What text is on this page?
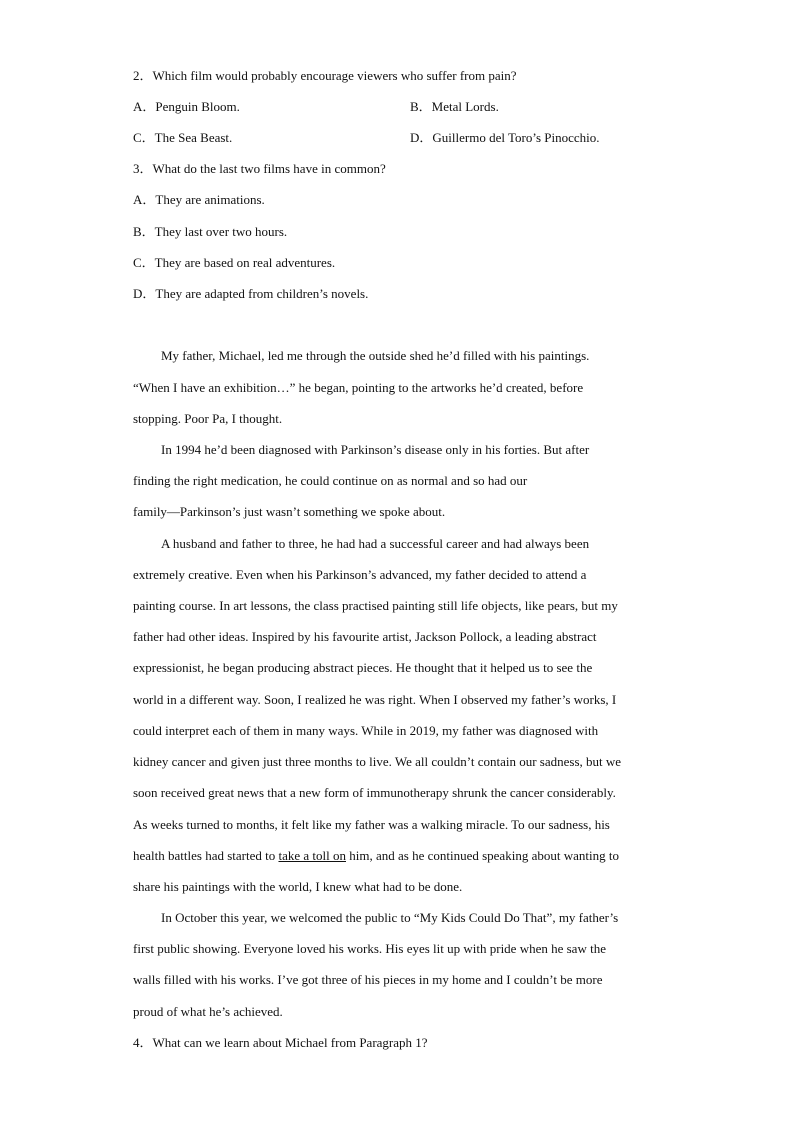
2．Which film would probably encourage viewers who suffer from pain?
A．Penguin Bloom.	B．Metal Lords.
C．The Sea Beast.	D．Guillermo del Toro’s Pinocchio.
3．What do the last two films have in common?
A．They are animations.
B．They last over two hours.
C．They are based on real adventures.
D．They are adapted from children’s novels.
My father, Michael, led me through the outside shed he’d filled with his paintings.
“When I have an exhibition…” he began, pointing to the artworks he’d created, before
stopping. Poor Pa, I thought.
In 1994 he’d been diagnosed with Parkinson’s disease only in his forties. But after
finding the right medication, he could continue on as normal and so had our
family—Parkinson’s just wasn’t something we spoke about.
A husband and father to three, he had had a successful career and had always been
extremely creative. Even when his Parkinson’s advanced, my father decided to attend a
painting course. In art lessons, the class practised painting still life objects, like pears, but my
father had other ideas. Inspired by his favourite artist, Jackson Pollock, a leading abstract
expressionist, he began producing abstract pieces. He thought that it helped us to see the
world in a different way. Soon, I realized he was right. When I observed my father’s works, I
could interpret each of them in many ways. While in 2019, my father was diagnosed with
kidney cancer and given just three months to live. We all couldn’t contain our sadness, but we
soon received great news that a new form of immunotherapy shrunk the cancer considerably.
As weeks turned to months, it felt like my father was a walking miracle. To our sadness, his
health battles had started to take a toll on him, and as he continued speaking about wanting to
share his paintings with the world, I knew what had to be done.
In October this year, we welcomed the public to “My Kids Could Do That”, my father’s
first public showing. Everyone loved his works. His eyes lit up with pride when he saw the
walls filled with his works. I’ve got three of his pieces in my home and I couldn’t be more
proud of what he’s achieved.
4．What can we learn about Michael from Paragraph 1?
